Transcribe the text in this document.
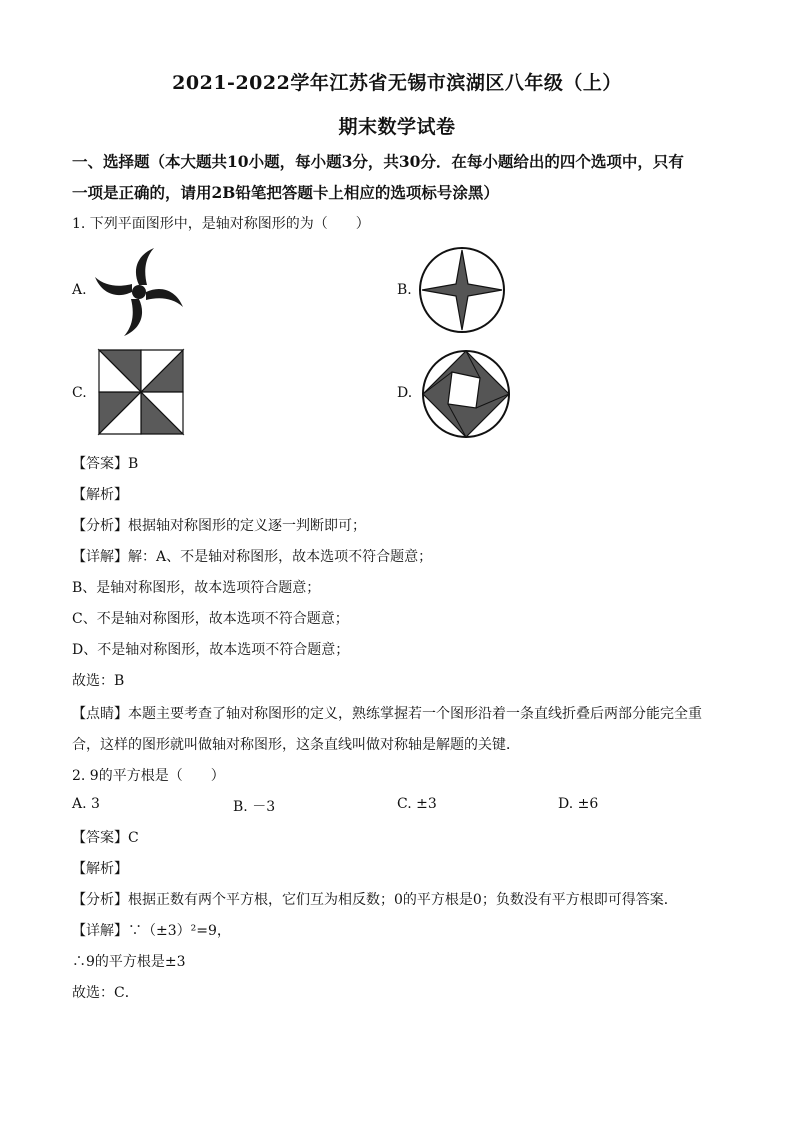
2021-2022学年江苏省无锡市滨湖区八年级（上）
期末数学试卷
一、选择题（本大题共10小题，每小题3分，共30分．在每小题给出的四个选项中，只有
一项是正确的，请用2B铅笔把答题卡上相应的选项标号涂黑）
1. 下列平面图形中，是轴对称图形的为（　　）
A.	B.
C.	D.
【答案】B
【解析】
【分析】根据轴对称图形的定义逐一判断即可；
【详解】解：A、不是轴对称图形，故本选项不符合题意；
B、是轴对称图形，故本选项符合题意；
C、不是轴对称图形，故本选项不符合题意；
D、不是轴对称图形，故本选项不符合题意；
故选：B
【点睛】本题主要考查了轴对称图形的定义，熟练掌握若一个图形沿着一条直线折叠后两部分能完全重
合，这样的图形就叫做轴对称图形，这条直线叫做对称轴是解题的关键．
2. 9的平方根是（　　）
A. 3	B. －3	C. ±3	D. ±6
【答案】C
【解析】
【分析】根据正数有两个平方根，它们互为相反数；0的平方根是0；负数没有平方根即可得答案．
【详解】∵（±3）²=9，
∴9的平方根是±3
故选：C．
